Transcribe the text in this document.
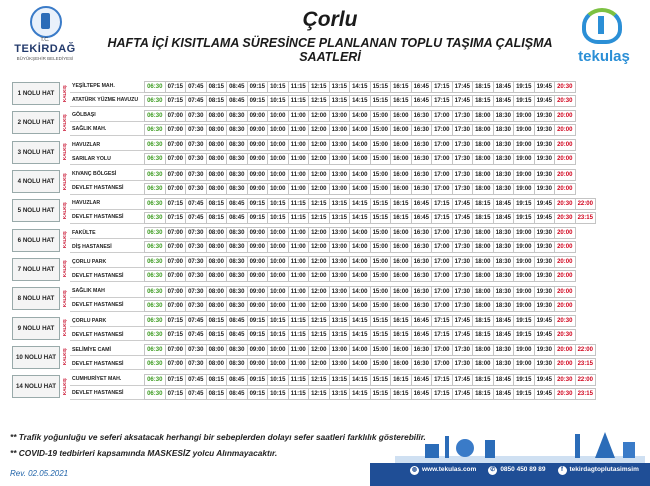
T.C.
TEKİRDAĞ
BÜYÜKŞEHİR BELEDİYESİ
Çorlu
HAFTA İÇİ KISITLAMA SÜRESİNCE PLANLANAN TOPLU TAŞIMA ÇALIŞMA SAATLERİ	tekulaş
1 NOLU HAT	KALKIŞ YEŞİLTEPE MAH.	06:30 07:15 07:45 08:15 08:45 09:15 10:15 11:15 12:15 13:15 14:15 15:15 16:15 16:45 17:15 17:45 18:15 18:45 19:15 19:45 20:30
ATATÜRK YÜZME HAVUZU	06:30 07:15 07:45 08:15 08:45 09:15 10:15 11:15 12:15 13:15 14:15 15:15 16:15 16:45 17:15 17:45 18:15 18:45 19:15 19:45 20:30
2 NOLU HAT	KALKIŞ GÖLBAŞI	06:30 07:00 07:30 08:00 08:30 09:00 10:00 11:00 12:00 13:00 14:00 15:00 16:00 16:30 17:00 17:30 18:00 18:30 19:00 19:30 20:00
SAĞLIK MAH.	06:30 07:00 07:30 08:00 08:30 09:00 10:00 11:00 12:00 13:00 14:00 15:00 16:00 16:30 17:00 17:30 18:00 18:30 19:00 19:30 20:00
3 NOLU HAT	KALKIŞ HAVUZLAR	06:30 07:00 07:30 08:00 08:30 09:00 10:00 11:00 12:00 13:00 14:00 15:00 16:00 16:30 17:00 17:30 18:00 18:30 19:00 19:30 20:00
SARILAR YOLU	06:30 07:00 07:30 08:00 08:30 09:00 10:00 11:00 12:00 13:00 14:00 15:00 16:00 16:30 17:00 17:30 18:00 18:30 19:00 19:30 20:00
4 NOLU HAT	KALKIŞ KIVANÇ BÖLGESİ	06:30 07:00 07:30 08:00 08:30 09:00 10:00 11:00 12:00 13:00 14:00 15:00 16:00 16:30 17:00 17:30 18:00 18:30 19:00 19:30 20:00
DEVLET HASTANESİ	06:30 07:00 07:30 08:00 08:30 09:00 10:00 11:00 12:00 13:00 14:00 15:00 16:00 16:30 17:00 17:30 18:00 18:30 19:00 19:30 20:00
5 NOLU HAT	KALKIŞ HAVUZLAR	06:30 07:15 07:45 08:15 08:45 09:15 10:15 11:15 12:15 13:15 14:15 15:15 16:15 16:45 17:15 17:45 18:15 18:45 19:15 19:45 20:30 22:00
DEVLET HASTANESİ	06:30 07:15 07:45 08:15 08:45 09:15 10:15 11:15 12:15 13:15 14:15 15:15 16:15 16:45 17:15 17:45 18:15 18:45 19:15 19:45 20:30 23:15
6 NOLU HAT	KALKIŞ FAKÜLTE	06:30 07:00 07:30 08:00 08:30 09:00 10:00 11:00 12:00 13:00 14:00 15:00 16:00 16:30 17:00 17:30 18:00 18:30 19:00 19:30 20:00
DİŞ HASTANESİ	06:30 07:00 07:30 08:00 08:30 09:00 10:00 11:00 12:00 13:00 14:00 15:00 16:00 16:30 17:00 17:30 18:00 18:30 19:00 19:30 20:00
7 NOLU HAT	KALKIŞ ÇORLU PARK	06:30 07:00 07:30 08:00 08:30 09:00 10:00 11:00 12:00 13:00 14:00 15:00 16:00 16:30 17:00 17:30 18:00 18:30 19:00 19:30 20:00
DEVLET HASTANESİ	06:30 07:00 07:30 08:00 08:30 09:00 10:00 11:00 12:00 13:00 14:00 15:00 16:00 16:30 17:00 17:30 18:00 18:30 19:00 19:30 20:00
8 NOLU HAT	KALKIŞ SAĞLIK MAH	06:30 07:00 07:30 08:00 08:30 09:00 10:00 11:00 12:00 13:00 14:00 15:00 16:00 16:30 17:00 17:30 18:00 18:30 19:00 19:30 20:00
DEVLET HASTANESİ	06:30 07:00 07:30 08:00 08:30 09:00 10:00 11:00 12:00 13:00 14:00 15:00 16:00 16:30 17:00 17:30 18:00 18:30 19:00 19:30 20:00
9 NOLU HAT	KALKIŞ ÇORLU PARK	06:30 07:15 07:45 08:15 08:45 09:15 10:15 11:15 12:15 13:15 14:15 15:15 16:15 16:45 17:15 17:45 18:15 18:45 19:15 19:45 20:30
DEVLET HASTANESİ	06:30 07:15 07:45 08:15 08:45 09:15 10:15 11:15 12:15 13:15 14:15 15:15 16:15 16:45 17:15 17:45 18:15 18:45 19:15 19:45 20:30
10 NOLU HAT	KALKIŞ SELİMİYE CAMİ	06:30 07:00 07:30 08:00 08:30 09:00 10:00 11:00 12:00 13:00 14:00 15:00 16:00 16:30 17:00 17:30 18:00 18:30 19:00 19:30 20:00 22:00
DEVLET HASTANESİ	06:30 07:00 07:30 08:00 08:30 09:00 10:00 11:00 12:00 13:00 14:00 15:00 16:00 16:30 17:00 17:30 18:00 18:30 19:00 19:30 20:00 23:15
14 NOLU HAT	KALKIŞ CUMHURİYET MAH.	06:30 07:15 07:45 08:15 08:45 09:15 10:15 11:15 12:15 13:15 14:15 15:15 16:15 16:45 17:15 17:45 18:15 18:45 19:15 19:45 20:30 22:00
DEVLET HASTANESİ	06:30 07:15 07:45 08:15 08:45 09:15 10:15 11:15 12:15 13:15 14:15 15:15 16:15 16:45 17:15 17:45 18:15 18:45 19:15 19:45 20:30 23:15
** Trafik yoğunluğu ve seferi aksatacak herhangi bir sebeplerden dolayı sefer saatleri farklılık gösterebilir.
** COVID-19 tedbirleri kapsamında MASKESİZ yolcu Alınmayacaktır.
Rev. 02.05.2021	◍ www.tekulas.com	✆ 0850 450 89 89	f tekirdagtoplutasimsim
